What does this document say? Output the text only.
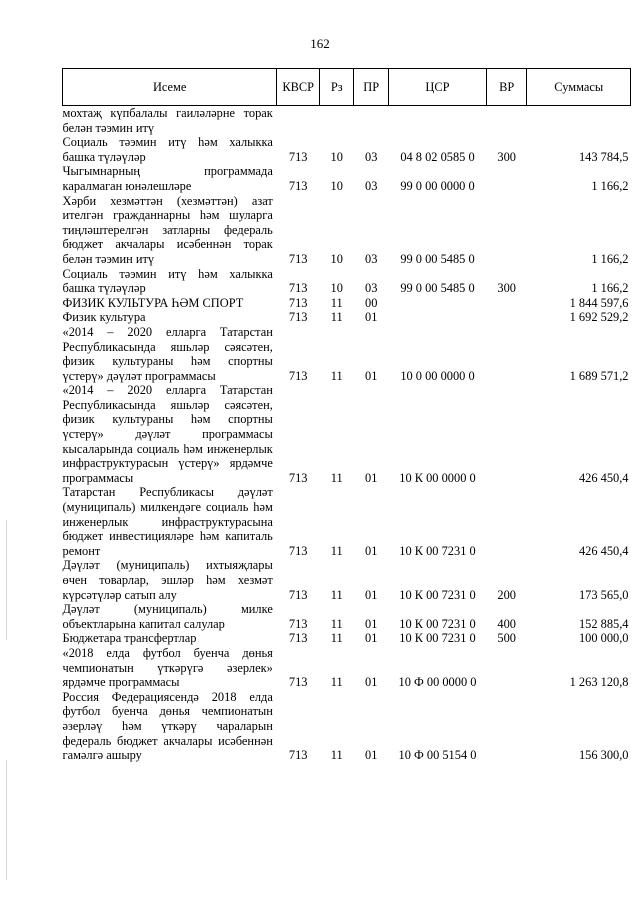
162
Исеме	КВСР	Рз	ПР	ЦСР	ВР	Суммасы
мохтаҗ күпбалалы гаиләләрне торак белән тәэмин итү						
Социаль тәэмин итү һәм халыкка башка түләүләр	713	10	03	04 8 02 0585 0	300	143 784,5
Чыгымнарның программада каралмаган юнәлешләре	713	10	03	99 0 00 0000 0		1 166,2
Хәрби хезмәттән (хезмәттән) азат ителгән гражданнарны һәм шуларга тиңләштерелгән затларны федераль бюджет акчалары исәбеннән торак белән тәэмин итү	713	10	03	99 0 00 5485 0		1 166,2
Социаль тәэмин итү һәм халыкка башка түләүләр	713	10	03	99 0 00 5485 0	300	1 166,2
ФИЗИК КУЛЬТУРА ҺӘМ СПОРТ	713	11	00			1 844 597,6
Физик культура	713	11	01			1 692 529,2
«2014 – 2020 елларга Татарстан Республикасында яшьләр сәясәтен, физик культураны һәм спортны үстерү» дәүләт программасы	713	11	01	10 0 00 0000 0		1 689 571,2
«2014 – 2020 елларга Татарстан Республикасында яшьләр сәясәтен, физик культураны һәм спортны үстерү» дәүләт программасы кысаларында социаль һәм инженерлык инфраструктурасын үстерү» ярдәмче программасы	713	11	01	10 К 00 0000 0		426 450,4
Татарстан Республикасы дәүләт (муниципаль) милкендәге социаль һәм инженерлык инфраструктурасына бюджет инвестицияләре һәм капиталь ремонт	713	11	01	10 К 00 7231 0		426 450,4
Дәүләт (муниципаль) ихтыяҗлары өчен товарлар, эшләр һәм хезмәт күрсәтүләр сатып алу	713	11	01	10 К 00 7231 0	200	173 565,0
Дәүләт (муниципаль) милке объектларына капитал салулар	713	11	01	10 К 00 7231 0	400	152 885,4
Бюджетара трансфертлар	713	11	01	10 К 00 7231 0	500	100 000,0
«2018 елда футбол буенча дөнья чемпионатын үткәрүгә әзерлек» ярдәмче программасы	713	11	01	10 Ф 00 0000 0		1 263 120,8
Россия Федерациясендә 2018 елда футбол буенча дөнья чемпионатын әзерләү һәм үткәрү чараларын федераль бюджет акчалары исәбеннән гамәлгә ашыру	713	11	01	10 Ф 00 5154 0		156 300,0
